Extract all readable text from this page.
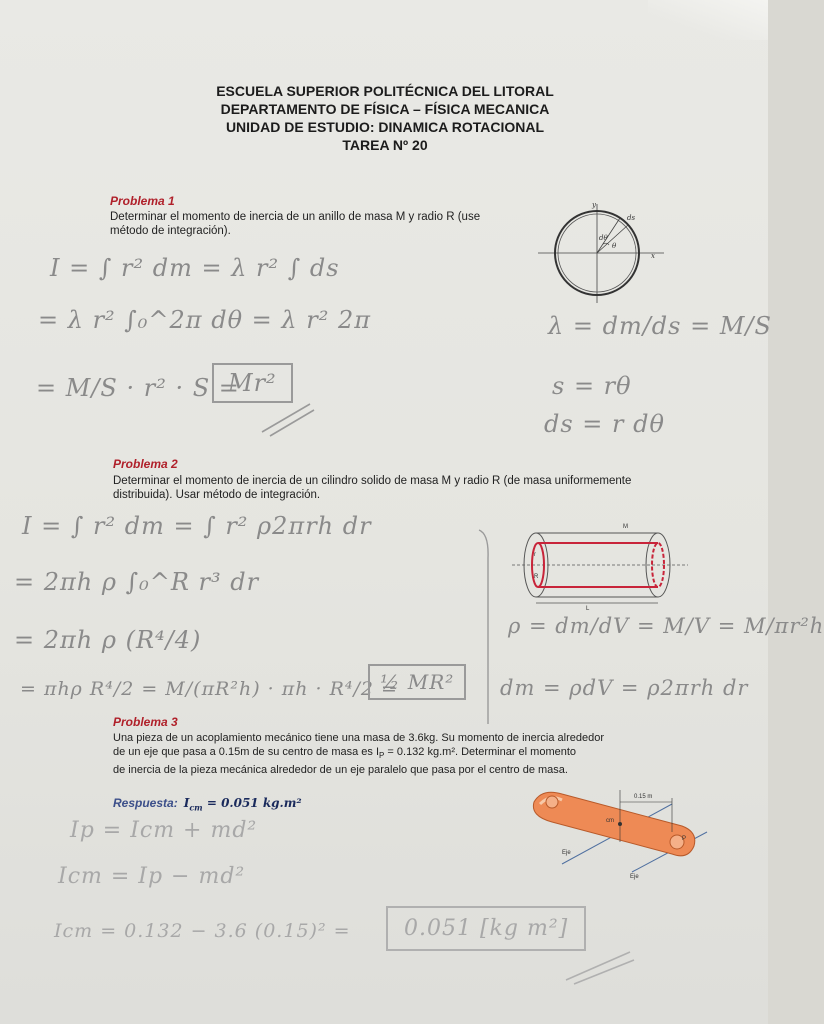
ESCUELA SUPERIOR POLITÉCNICA DEL LITORAL
DEPARTAMENTO DE FÍSICA – FÍSICA MECANICA
UNIDAD DE ESTUDIO: DINAMICA ROTACIONAL
TAREA Nº 20
Problema 1
Determinar el momento de inercia de un anillo de masa M y radio R (use método de integración).
y
x
ds
dθ
θ
I = ∫ r² dm = λ r² ∫ ds
= λ r² ∫₀^2π dθ = λ r² 2π
= M/S · r² · S =
Mr²
λ = dm/ds = M/S
s = rθ
ds = r dθ
Problema 2
Determinar el momento de inercia de un cilindro solido de masa M y radio R (de masa uniformemente distribuida). Usar método de integración.
M
L
r
R
I = ∫ r² dm = ∫ r² ρ2πrh dr
= 2πh ρ ∫₀^R r³ dr
= 2πh ρ (R⁴/4)
= πhρ R⁴/2 = M/(πR²h) · πh · R⁴/2 =
½ MR²
ρ = dm/dV = M/V = M/πr²h
dm = ρdV = ρ2πrh dr
Problema 3
Una pieza de un acoplamiento mecánico tiene una masa de 3.6kg. Su momento de inercia alrededor
de un eje que pasa a 0.15m de su centro de masa es $I_P = 0.132$ kg.m². Determinar el momento
de inercia de la pieza mecánica alrededor de un eje paralelo que pasa por el centro de masa.
Respuesta: $I_{cm} = 0.051$ kg.m²	0.15 m
cm
P
Eje
Eje
Ip = Icm + md²
Icm = Ip − md²
Icm = 0.132 − 3.6 (0.15)² =	0.051 [kg m²]
